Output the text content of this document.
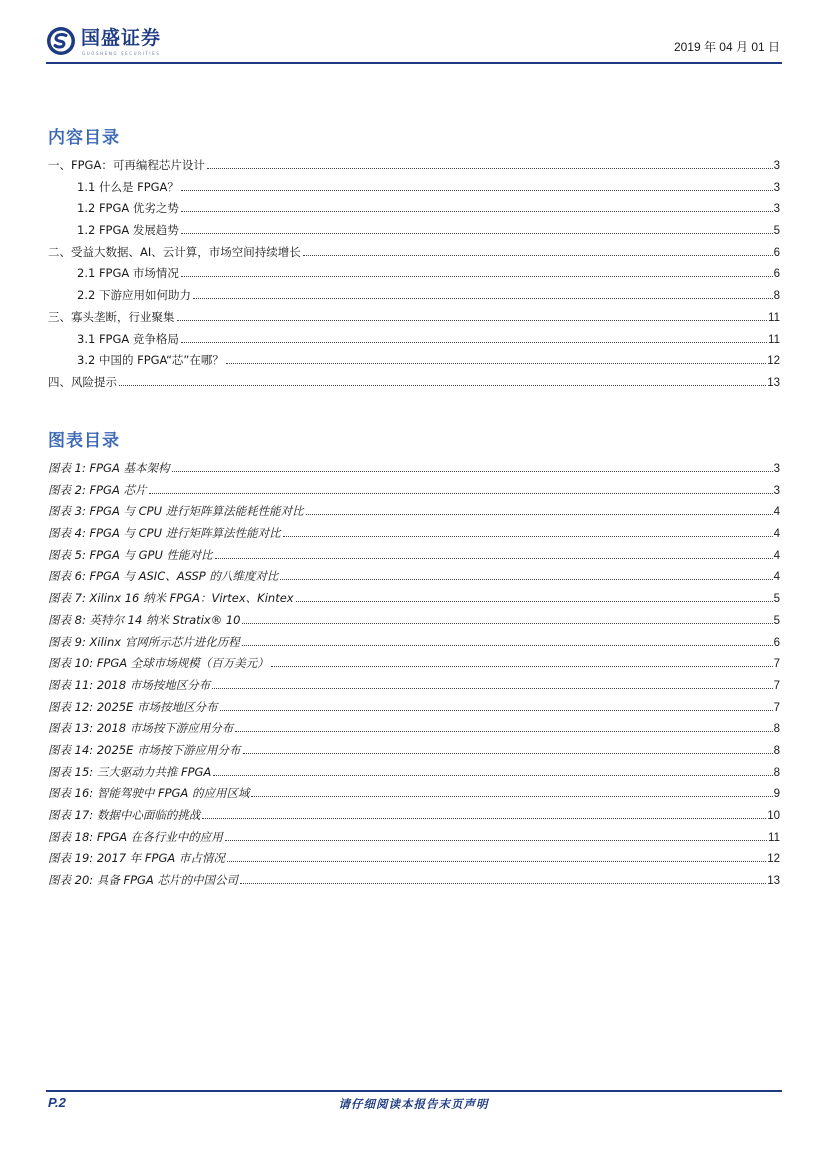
国盛证券
GUOSHENG SECURITIES	2019 年 04 月 01 日
内容目录
一、FPGA：可再编程芯片设计	3
1.1 什么是 FPGA？	3
1.2 FPGA 优劣之势	3
1.2 FPGA 发展趋势	5
二、受益大数据、AI、云计算，市场空间持续增长	6
2.1 FPGA 市场情况	6
2.2 下游应用如何助力	8
三、寡头垄断，行业聚集	11
3.1 FPGA 竞争格局	11
3.2 中国的 FPGA“芯”在哪？	12
四、风险提示	13
图表目录
图表 1: FPGA 基本架构	3
图表 2: FPGA 芯片	3
图表 3: FPGA 与 CPU 进行矩阵算法能耗性能对比	4
图表 4: FPGA 与 CPU 进行矩阵算法性能对比	4
图表 5: FPGA 与 GPU 性能对比	4
图表 6: FPGA 与 ASIC、ASSP 的八维度对比	4
图表 7: Xilinx 16 纳米 FPGA：Virtex、Kintex	5
图表 8: 英特尔 14 纳米 Stratix® 10	5
图表 9: Xilinx 官网所示芯片进化历程	6
图表 10: FPGA 全球市场规模（百万美元）	7
图表 11: 2018 市场按地区分布	7
图表 12: 2025E 市场按地区分布	7
图表 13: 2018 市场按下游应用分布	8
图表 14: 2025E 市场按下游应用分布	8
图表 15: 三大驱动力共推 FPGA	8
图表 16: 智能驾驶中 FPGA 的应用区域	9
图表 17: 数据中心面临的挑战	10
图表 18: FPGA 在各行业中的应用	11
图表 19: 2017 年 FPGA 市占情况	12
图表 20: 具备 FPGA 芯片的中国公司	13
P.2	请仔细阅读本报告末页声明
